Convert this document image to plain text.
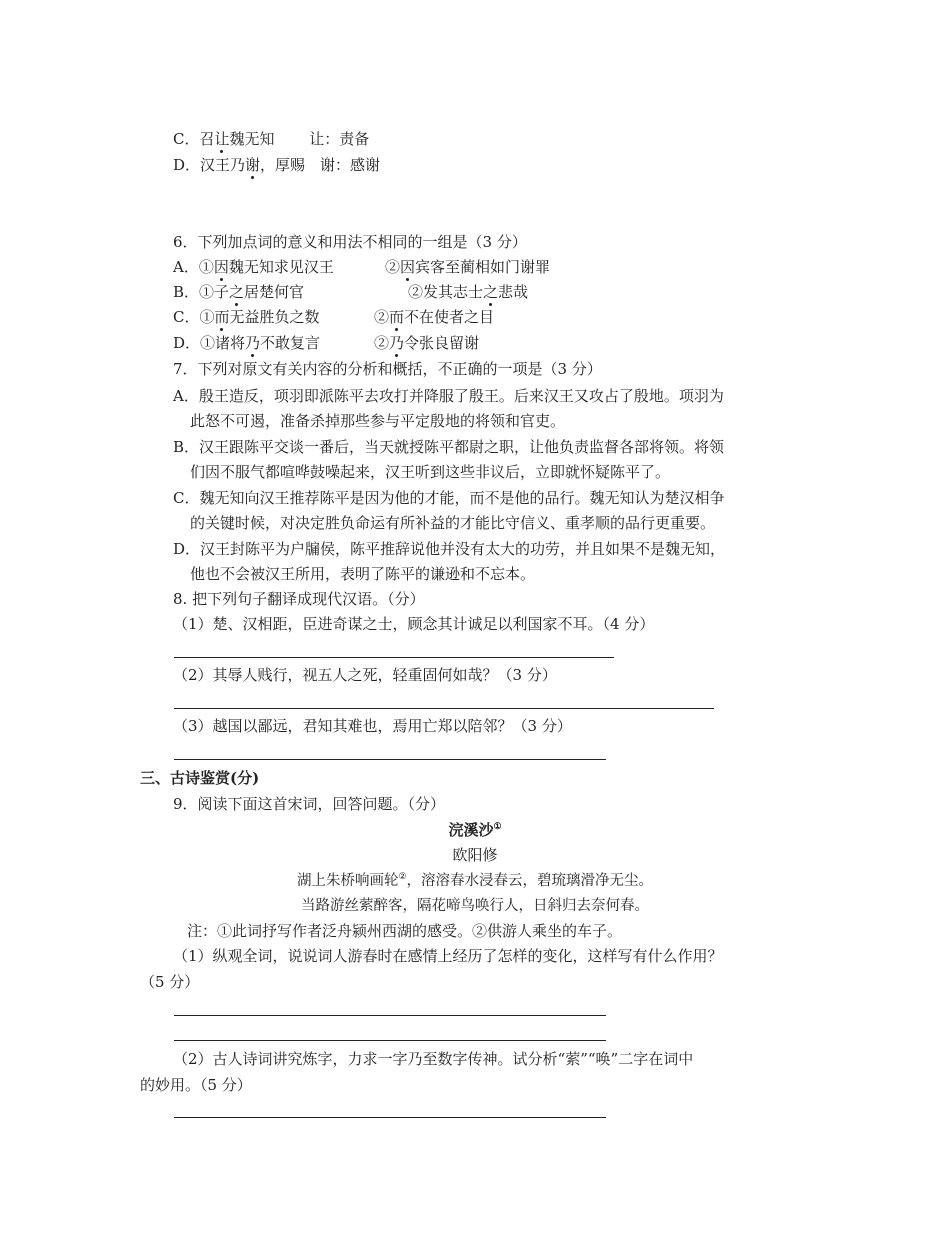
C．召让魏无知　　 让：责备
D．汉王乃谢，厚赐　谢：感谢
6．下列加点词的意义和用法不相同的一组是（3 分）
A．①因魏无知求见汉王	②因宾客至蔺相如门谢罪
B．①子之居楚何官	②发其志士之悲哉
C．①而无益胜负之数	②而不在使者之目
D．①诸将乃不敢复言	②乃令张良留谢
7．下列对原文有关内容的分析和概括，不正确的一项是（3 分）
A．殷王造反，项羽即派陈平去攻打并降服了殷王。后来汉王又攻占了殷地。项羽为
此怒不可遏，准备杀掉那些参与平定殷地的将领和官吏。
B．汉王跟陈平交谈一番后，当天就授陈平都尉之职，让他负责监督各部将领。将领
们因不服气都喧哗鼓噪起来，汉王听到这些非议后，立即就怀疑陈平了。
C．魏无知向汉王推荐陈平是因为他的才能，而不是他的品行。魏无知认为楚汉相争
的关键时候，对决定胜负命运有所补益的才能比守信义、重孝顺的品行更重要。
D．汉王封陈平为户牖侯，陈平推辞说他并没有太大的功劳，并且如果不是魏无知，
他也不会被汉王所用，表明了陈平的谦逊和不忘本。
8. 把下列句子翻译成现代汉语。（分）
（1）楚、汉相距，臣进奇谋之士，顾念其计诚足以利国家不耳。（4 分）
（2）其辱人贱行，视五人之死，轻重固何如哉？（3 分）
（3）越国以鄙远，君知其难也，焉用亡郑以陪邻？（3 分）
三、古诗鉴赏(分)
9．阅读下面这首宋词，回答问题。（分）
浣溪沙①
欧阳修
湖上朱桥响画轮②，溶溶春水浸春云，碧琉璃滑净无尘。
当路游丝萦醉客，隔花啼鸟唤行人，日斜归去奈何春。
注：①此词抒写作者泛舟颍州西湖的感受。②供游人乘坐的车子。
（1）纵观全词，说说词人游春时在感情上经历了怎样的变化，这样写有什么作用？
（5 分）
（2）古人诗词讲究炼字，力求一字乃至数字传神。试分析“萦”“唤”二字在词中
的妙用。（5 分）
